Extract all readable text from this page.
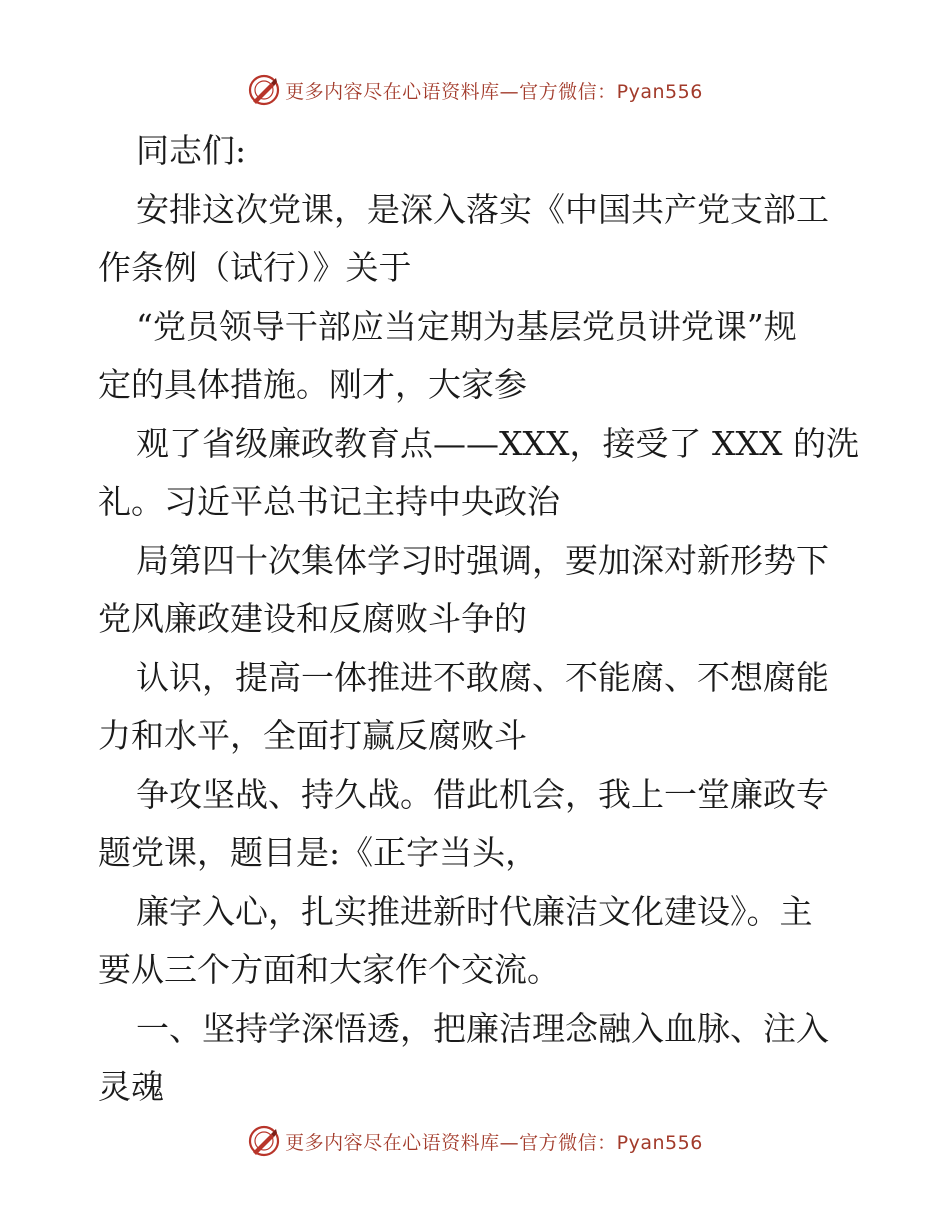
更多内容尽在心语资料库—官方微信：Pyan556
同志们:
安排这次党课，是深入落实《中国共产党支部工
作条例（试行）》关于
“党员领导干部应当定期为基层党员讲党课”规
定的具体措施。刚才，大家参
观了省级廉政教育点——XXX，接受了 XXX 的洗
礼。习近平总书记主持中央政治
局第四十次集体学习时强调，要加深对新形势下
党风廉政建设和反腐败斗争的
认识，提高一体推进不敢腐、不能腐、不想腐能
力和水平，全面打赢反腐败斗
争攻坚战、持久战。借此机会，我上一堂廉政专
题党课，题目是:《正字当头，
廉字入心，扎实推进新时代廉洁文化建设》。主
要从三个方面和大家作个交流。
一、坚持学深悟透，把廉洁理念融入血脉、注入
灵魂
更多内容尽在心语资料库—官方微信：Pyan556
